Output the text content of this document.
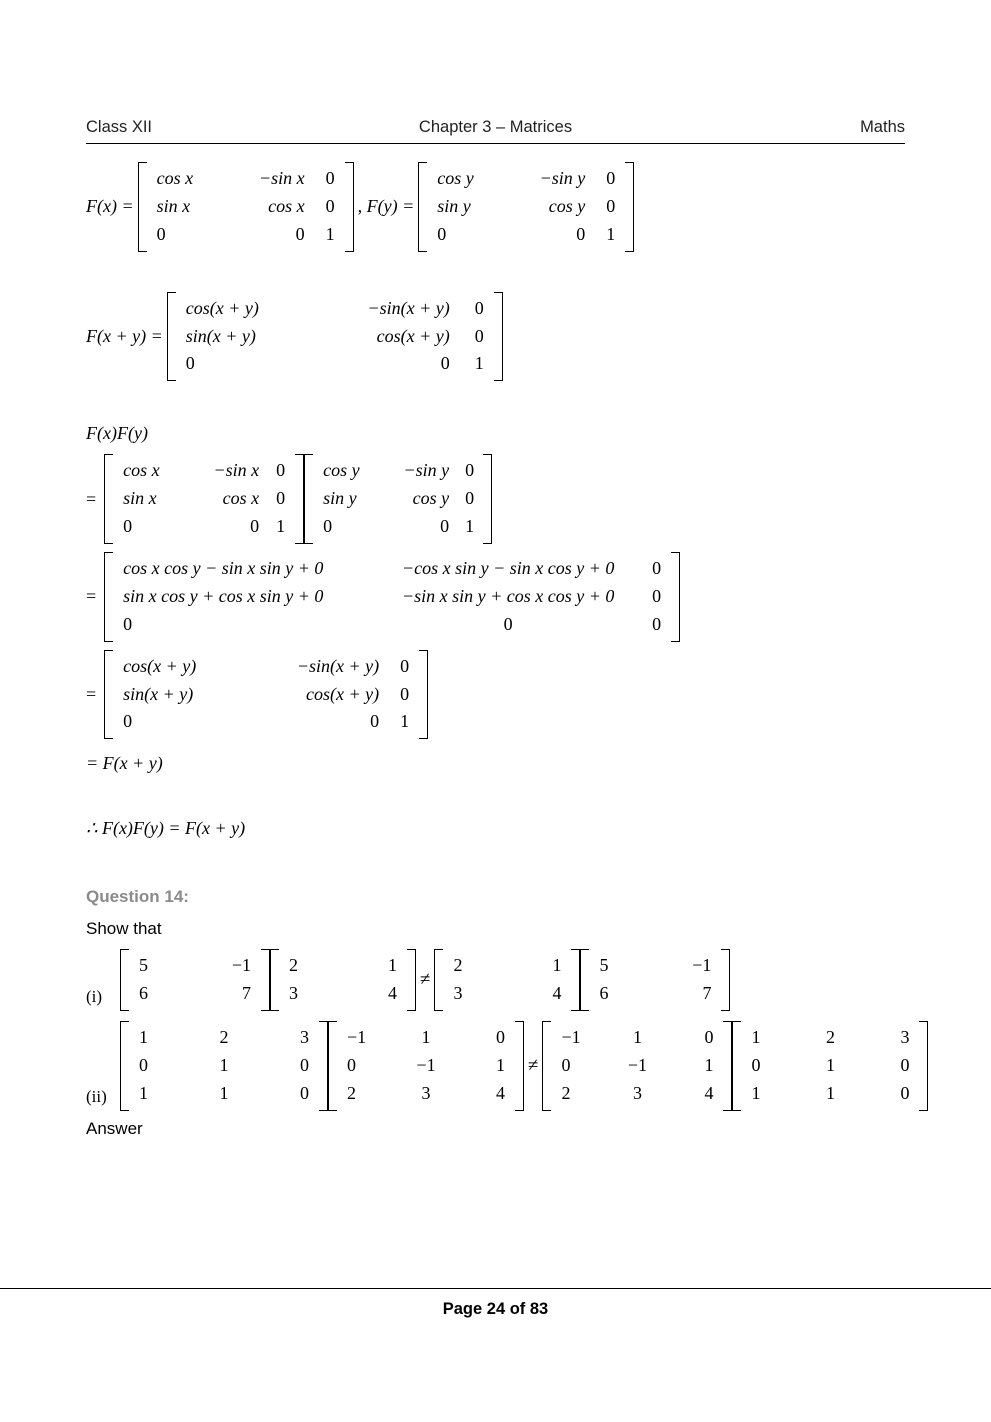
Class XII	Chapter 3 – Matrices	Maths
F(x) =
cos x	−sin x	0
sin x	cos x	0
0	0	1
, F(y) =
cos y	−sin y	0
sin y	cos y	0
0	0	1
F(x + y) =
cos(x + y)	−sin(x + y)	0
sin(x + y)	cos(x + y)	0
0	0	1
F(x)F(y)
=
cos x	−sin x 0
sin x	cos x 0
0	0 1
cos y	−sin y 0
sin y	cos y 0
0	0 1
=
cos x cos y − sin x sin y + 0	−cos x sin y − sin x cos y + 0	0
sin x cos y + cos x sin y + 0	−sin x sin y + cos x cos y + 0	0
0	0	0
=
cos(x + y)	−sin(x + y)	0
sin(x + y)	cos(x + y)	0
0	0	1
= F(x + y)
∴ F(x)F(y) = F(x + y)
Question 14:
Show that
(i)
5	−1
6	7
2	1
3	4
≠
2	1
3	4
5	−1
6	7
(ii)
1	2	3
0	1	0
1	1	0
−1	1	0
0	−1	1
2	3	4
≠
−1	1	0
0	−1	1
2	3	4
1	2	3
0	1	0
1	1	0
Answer
Page 24 of 83
